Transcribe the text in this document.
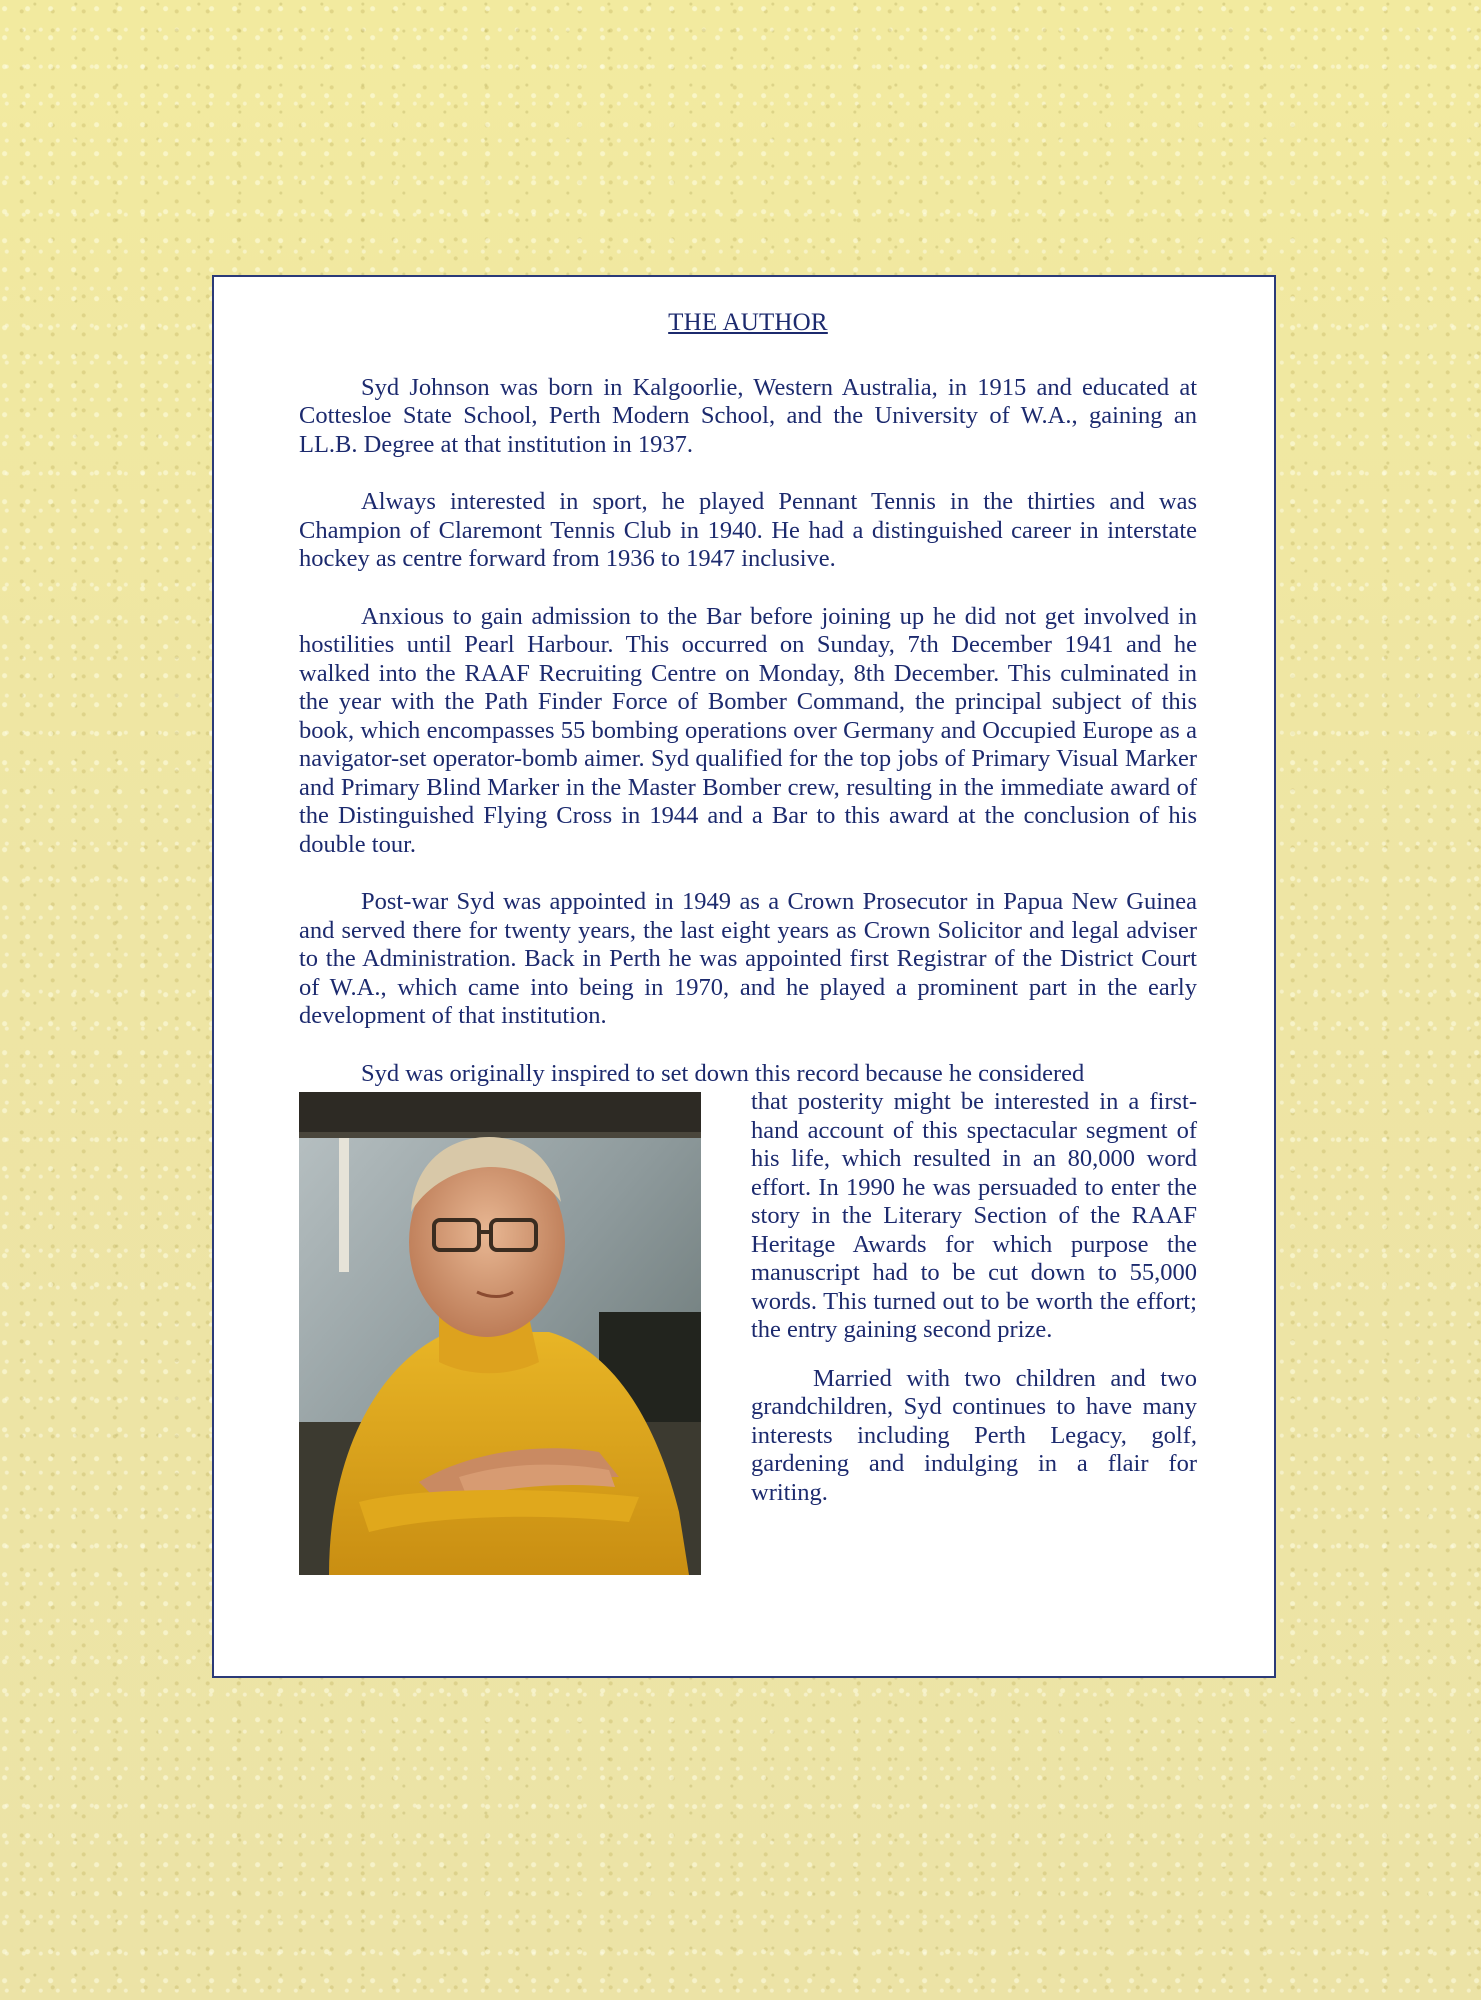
THE AUTHOR

Syd Johnson was born in Kalgoorlie, Western Australia, in 1915 and educated at Cottesloe State School, Perth Modern School, and the University of W.A., gaining an LL.B. Degree at that institution in 1937.

Always interested in sport, he played Pennant Tennis in the thirties and was Champion of Claremont Tennis Club in 1940. He had a distinguished career in interstate hockey as centre forward from 1936 to 1947 inclusive.

Anxious to gain admission to the Bar before joining up he did not get involved in hostilities until Pearl Harbour. This occurred on Sunday, 7th December 1941 and he walked into the RAAF Recruiting Centre on Monday, 8th December. This culminated in the year with the Path Finder Force of Bomber Command, the principal subject of this book, which encompasses 55 bombing operations over Germany and Occupied Europe as a navigator-set operator-bomb aimer. Syd qualified for the top jobs of Primary Visual Marker and Primary Blind Marker in the Master Bomber crew, resulting in the immediate award of the Distinguished Flying Cross in 1944 and a Bar to this award at the conclusion of his double tour.

Post-war Syd was appointed in 1949 as a Crown Prosecutor in Papua New Guinea and served there for twenty years, the last eight years as Crown Solicitor and legal adviser to the Administration. Back in Perth he was appointed first Registrar of the District Court of W.A., which came into being in 1970, and he played a prominent part in the early development of that institution.

Syd was originally inspired to set down this record because he considered

that posterity might be interested in a first-hand account of this spectacular segment of his life, which resulted in an 80,000 word effort. In 1990 he was persuaded to enter the story in the Literary Section of the RAAF Heritage Awards for which purpose the manuscript had to be cut down to 55,000 words. This turned out to be worth the effort; the entry gaining second prize.

Married with two children and two grandchildren, Syd continues to have many interests including Perth Legacy, golf, gardening and indulging in a flair for writing.
